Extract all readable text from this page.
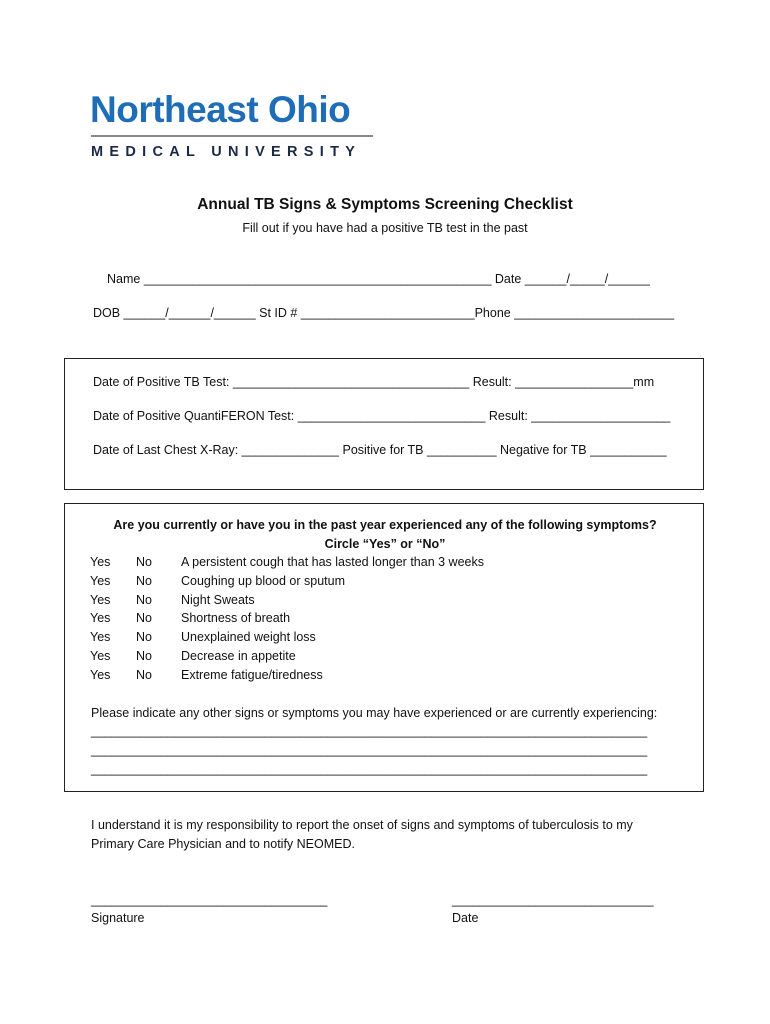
Northeast Ohio
MEDICAL UNIVERSITY
Annual TB Signs & Symptoms Screening Checklist
Fill out if you have had a positive TB test in the past
Name __________________________________________________ Date ______/_____/______
DOB ______/______/______ St ID # _________________________Phone _______________________
Date of Positive TB Test: __________________________________ Result: _________________mm
Date of Positive QuantiFERON Test: ___________________________ Result: ____________________
Date of Last Chest X-Ray: ______________ Positive for TB __________ Negative for TB ___________
Are you currently or have you in the past year experienced any of the following symptoms?
Circle “Yes” or “No”
Yes No A persistent cough that has lasted longer than 3 weeks
Yes No Coughing up blood or sputum
Yes No Night Sweats
Yes No Shortness of breath
Yes No Unexplained weight loss
Yes No Decrease in appetite
Yes No Extreme fatigue/tiredness
Please indicate any other signs or symptoms you may have experienced or are currently experiencing:
________________________________________________________________________________
________________________________________________________________________________
________________________________________________________________________________
I understand it is my responsibility to report the onset of signs and symptoms of tuberculosis to my
Primary Care Physician and to notify NEOMED.
__________________________________
Signature
_____________________________
Date
